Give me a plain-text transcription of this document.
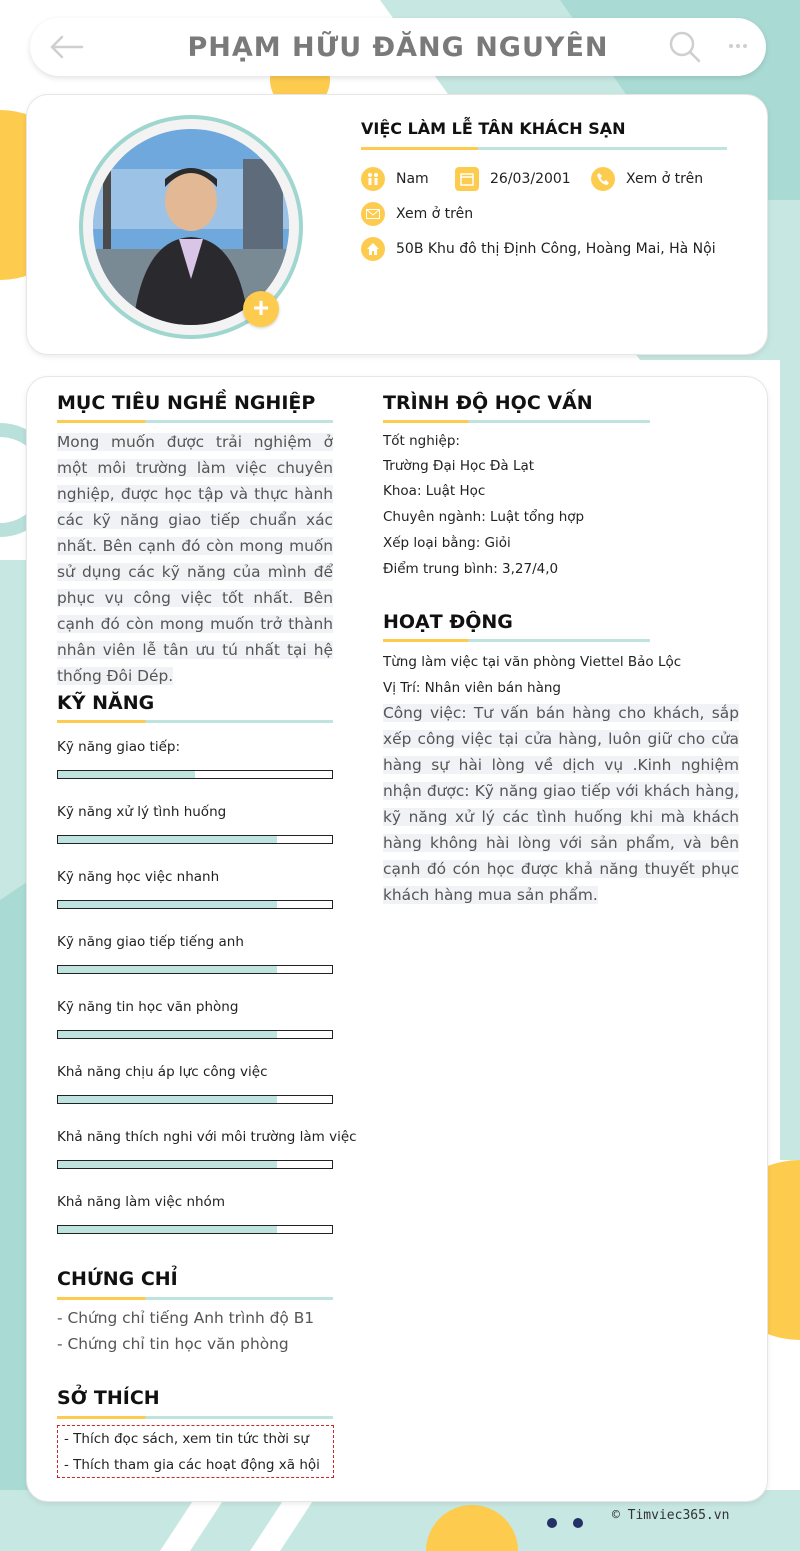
PHẠM HỮU ĐĂNG NGUYÊN
+
VIỆC LÀM LỄ TÂN KHÁCH SẠN
Nam	26/03/2001	Xem ở trên
Xem ở trên
50B Khu đô thị Định Công, Hoàng Mai, Hà Nội
MỤC TIÊU NGHỀ NGHIỆP
Mong muốn được trải nghiệm ở một môi trường làm việc chuyên nghiệp, được học tập và thực hành các kỹ năng giao tiếp chuẩn xác nhất. Bên cạnh đó còn mong muốn sử dụng các kỹ năng của mình để phục vụ công việc tốt nhất. Bên cạnh đó còn mong muốn trở thành nhân viên lễ tân ưu tú nhất tại hệ thống Đôi Dép.
KỸ NĂNG
Kỹ năng giao tiếp:
Kỹ năng xử lý tình huống
Kỹ năng học việc nhanh
Kỹ năng giao tiếp tiếng anh
Kỹ năng tin học văn phòng
Khả năng chịu áp lực công việc
Khả năng thích nghi với môi trường làm việc
Khả năng làm việc nhóm
CHỨNG CHỈ
- Chứng chỉ tiếng Anh trình độ B1
- Chứng chỉ tin học văn phòng
SỞ THÍCH
- Thích đọc sách, xem tin tức thời sự
- Thích tham gia các hoạt động xã hội
TRÌNH ĐỘ HỌC VẤN
Tốt nghiệp:
Trường Đại Học Đà Lạt
Khoa: Luật Học
Chuyên ngành: Luật tổng hợp
Xếp loại bằng: Giỏi
Điểm trung bình: 3,27/4,0
HOẠT ĐỘNG
Từng làm việc tại văn phòng Viettel Bảo Lộc
Vị Trí: Nhân viên bán hàng
Công việc: Tư vấn bán hàng cho khách, sắp xếp công việc tại cửa hàng, luôn giữ cho cửa hàng sự hài lòng về dịch vụ .Kinh nghiệm nhận được: Kỹ năng giao tiếp với khách hàng, kỹ năng xử lý các tình huống khi mà khách hàng không hài lòng với sản phẩm, và bên cạnh đó cón học được khả năng thuyết phục khách hàng mua sản phẩm.
© Timviec365.vn
